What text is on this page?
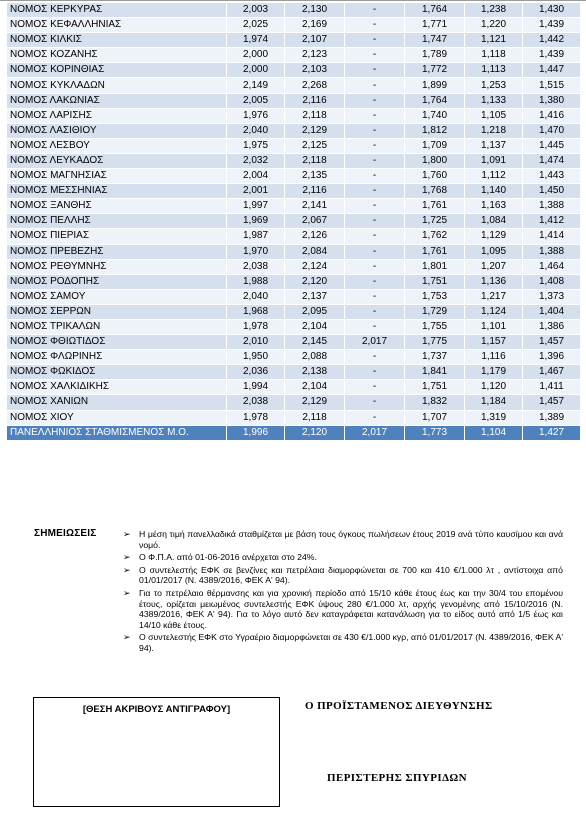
ΝΟΜΟΣ ΚΕΡΚΥΡΑΣ	2,003	2,130	-	1,764	1,238	1,430
ΝΟΜΟΣ ΚΕΦΑΛΛΗΝΙΑΣ	2,025	2,169	-	1,771	1,220	1,439
ΝΟΜΟΣ ΚΙΛΚΙΣ	1,974	2,107	-	1,747	1,121	1,442
ΝΟΜΟΣ ΚΟΖΑΝΗΣ	2,000	2,123	-	1,789	1,118	1,439
ΝΟΜΟΣ ΚΟΡΙΝΘΙΑΣ	2,000	2,103	-	1,772	1,113	1,447
ΝΟΜΟΣ ΚΥΚΛΑΔΩΝ	2,149	2,268	-	1,899	1,253	1,515
ΝΟΜΟΣ ΛΑΚΩΝΙΑΣ	2,005	2,116	-	1,764	1,133	1,380
ΝΟΜΟΣ ΛΑΡΙΣΗΣ	1,976	2,118	-	1,740	1,105	1,416
ΝΟΜΟΣ ΛΑΣΙΘΙΟΥ	2,040	2,129	-	1,812	1,218	1,470
ΝΟΜΟΣ ΛΕΣΒΟΥ	1,975	2,125	-	1,709	1,137	1,445
ΝΟΜΟΣ ΛΕΥΚΑΔΟΣ	2,032	2,118	-	1,800	1,091	1,474
ΝΟΜΟΣ ΜΑΓΝΗΣΙΑΣ	2,004	2,135	-	1,760	1,112	1,443
ΝΟΜΟΣ ΜΕΣΣΗΝΙΑΣ	2,001	2,116	-	1,768	1,140	1,450
ΝΟΜΟΣ ΞΑΝΘΗΣ	1,997	2,141	-	1,761	1,163	1,388
ΝΟΜΟΣ ΠΕΛΛΗΣ	1,969	2,067	-	1,725	1,084	1,412
ΝΟΜΟΣ ΠΙΕΡΙΑΣ	1,987	2,126	-	1,762	1,129	1,414
ΝΟΜΟΣ ΠΡΕΒΕΖΗΣ	1,970	2,084	-	1,761	1,095	1,388
ΝΟΜΟΣ ΡΕΘΥΜΝΗΣ	2,038	2,124	-	1,801	1,207	1,464
ΝΟΜΟΣ ΡΟΔΟΠΗΣ	1,988	2,120	-	1,751	1,136	1,408
ΝΟΜΟΣ ΣΑΜΟΥ	2,040	2,137	-	1,753	1,217	1,373
ΝΟΜΟΣ ΣΕΡΡΩΝ	1,968	2,095	-	1,729	1,124	1,404
ΝΟΜΟΣ ΤΡΙΚΑΛΩΝ	1,978	2,104	-	1,755	1,101	1,386
ΝΟΜΟΣ ΦΘΙΩΤΙΔΟΣ	2,010	2,145	2,017	1,775	1,157	1,457
ΝΟΜΟΣ ΦΛΩΡΙΝΗΣ	1,950	2,088	-	1,737	1,116	1,396
ΝΟΜΟΣ ΦΩΚΙΔΟΣ	2,036	2,138	-	1,841	1,179	1,467
ΝΟΜΟΣ ΧΑΛΚΙΔΙΚΗΣ	1,994	2,104	-	1,751	1,120	1,411
ΝΟΜΟΣ ΧΑΝΙΩΝ	2,038	2,129	-	1,832	1,184	1,457
ΝΟΜΟΣ ΧΙΟΥ	1,978	2,118	-	1,707	1,319	1,389
ΠΑΝΕΛΛΗΝΙΟΣ ΣΤΑΘΜΙΣΜΕΝΟΣ Μ.Ο.	1,996	2,120	2,017	1,773	1,104	1,427
ΣΗΜΕΙΩΣΕΙΣ	➢ Η μέση τιμή πανελλαδικά σταθμίζεται με βάση τους όγκους πωλήσεων έτους 2019 ανά τύπο καυσίμου και ανά νομό.
➢ Ο Φ.Π.Α. από 01-06-2016 ανέρχεται στο 24%.
➢ Ο συντελεστής ΕΦΚ σε βενζίνες και πετρέλαια διαμορφώνεται σε 700 και 410 €/1.000 λτ , αντίστοιχα από 01/01/2017 (Ν. 4389/2016, ΦΕΚ Α' 94).
➢ Για το πετρέλαιο θέρμανσης και για χρονική περίοδο από 15/10 κάθε έτους έως και την 30/4 του επομένου έτους, ορίζεται μειωμένος συντελεστής ΕΦΚ ύψους 280 €/1.000 λτ, αρχής γενομένης από 15/10/2016 (Ν. 4389/2016, ΦΕΚ Α' 94). Για το λόγο αυτό δεν καταγράφεται κατανάλωση για το είδος αυτό από 1/5 έως και 14/10 κάθε έτους.
➢ Ο συντελεστής ΕΦΚ στο Υγραέριο διαμορφώνεται σε 430 €/1.000 κγρ, από 01/01/2017 (Ν. 4389/2016, ΦΕΚ Α' 94).
[ΘΕΣΗ ΑΚΡΙΒΟΥΣ ΑΝΤΙΓΡΑΦΟΥ]	Ο ΠΡΟΪΣΤΑΜΕΝΟΣ ΔΙΕΥΘΥΝΣΗΣ
ΠΕΡΙΣΤΕΡΗΣ ΣΠΥΡΙΔΩΝ
